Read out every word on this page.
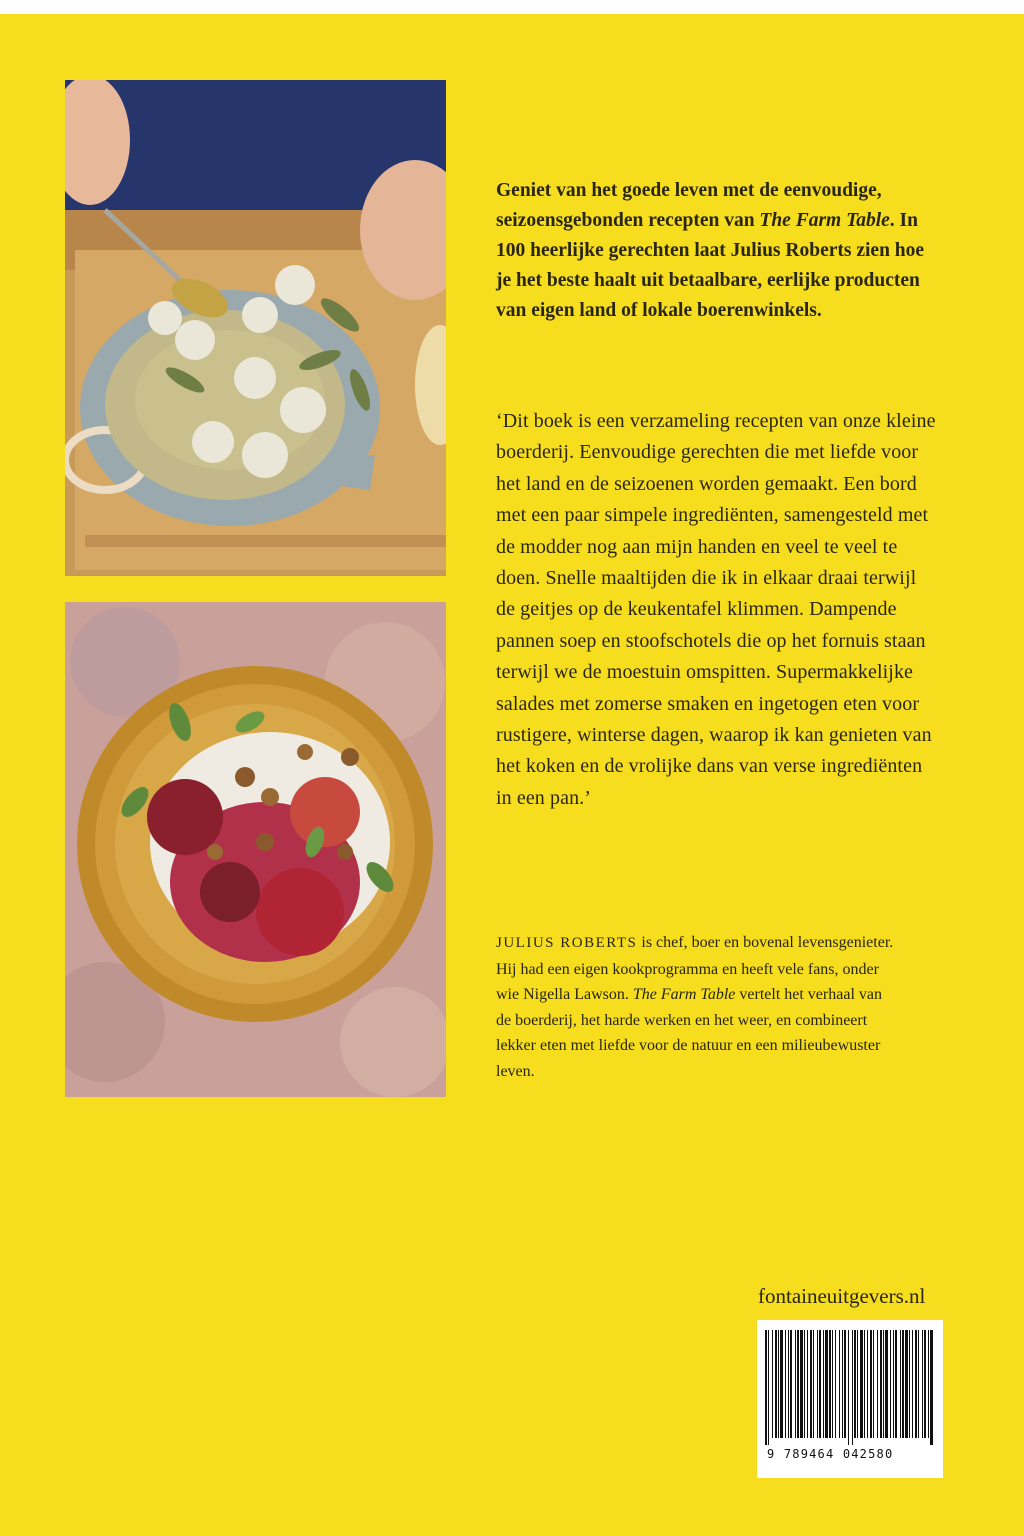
Geniet van het goede leven met de eenvoudige, seizoensgebonden recepten van The Farm Table. In 100 heerlijke gerechten laat Julius Roberts zien hoe je het beste haalt uit betaalbare, eerlijke producten van eigen land of lokale boerenwinkels.

‘Dit boek is een verzameling recepten van onze kleine boerderij. Eenvoudige gerechten die met liefde voor het land en de seizoenen worden gemaakt. Een bord met een paar simpele ingrediënten, samengesteld met de modder nog aan mijn handen en veel te veel te doen. Snelle maaltijden die ik in elkaar draai terwijl de geitjes op de keukentafel klimmen. Dampende pannen soep en stoofschotels die op het fornuis staan terwijl we de moestuin omspitten. Supermakkelijke salades met zomerse smaken en ingetogen eten voor rustigere, winterse dagen, waarop ik kan genieten van het koken en de vrolijke dans van verse ingrediënten in een pan.’

JULIUS ROBERTS is chef, boer en bovenal levensgenieter. Hij had een eigen kookprogramma en heeft vele fans, onder wie Nigella Lawson. The Farm Table vertelt het verhaal van de boerderij, het harde werken en het weer, en combineert lekker eten met liefde voor de natuur en een milieubewuster leven.

fontaineuitgevers.nl
9 789464 042580
